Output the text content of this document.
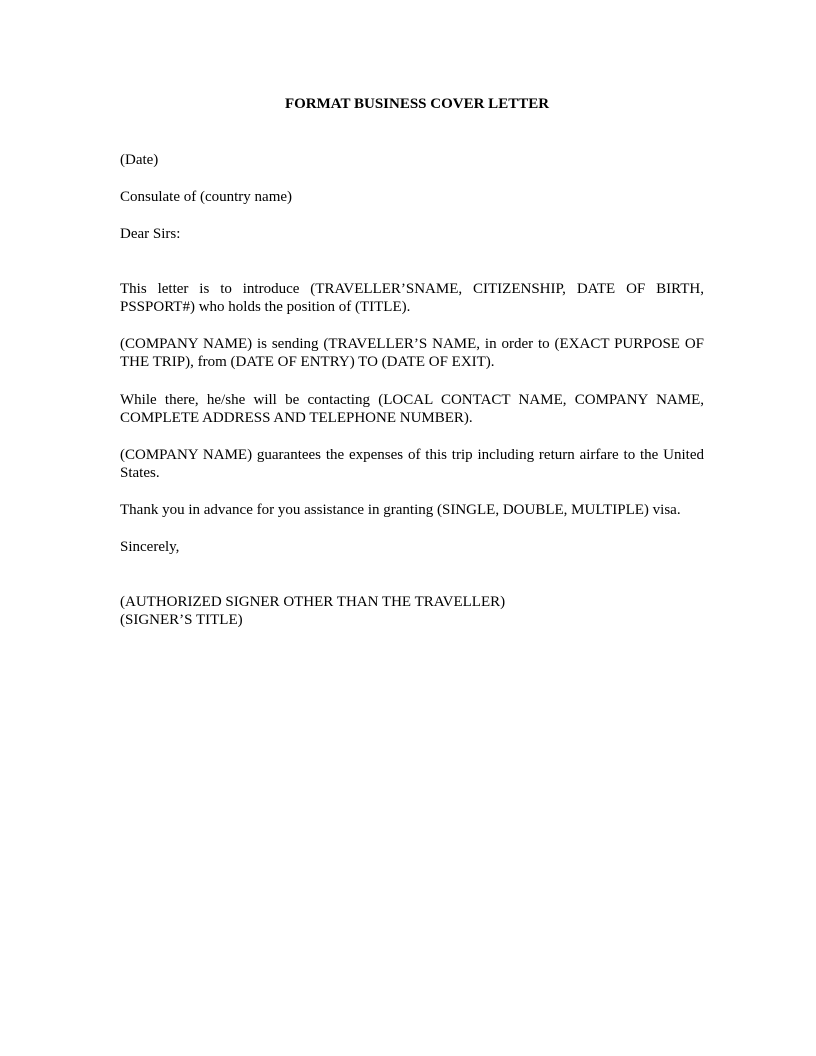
FORMAT BUSINESS COVER LETTER
(Date)
Consulate of (country name)
Dear Sirs:
This letter is to introduce (TRAVELLER’SNAME, CITIZENSHIP, DATE OF BIRTH, PSSPORT#) who holds the position of (TITLE).
(COMPANY NAME) is sending (TRAVELLER’S NAME, in order to (EXACT PURPOSE OF THE TRIP), from (DATE OF ENTRY) TO (DATE OF EXIT).
While there, he/she will be contacting (LOCAL CONTACT NAME, COMPANY NAME, COMPLETE ADDRESS AND TELEPHONE NUMBER).
(COMPANY NAME) guarantees the expenses of this trip including return airfare to the United States.
Thank you in advance for you assistance in granting (SINGLE, DOUBLE, MULTIPLE) visa.
Sincerely,
(AUTHORIZED SIGNER OTHER THAN THE TRAVELLER)
(SIGNER’S TITLE)
